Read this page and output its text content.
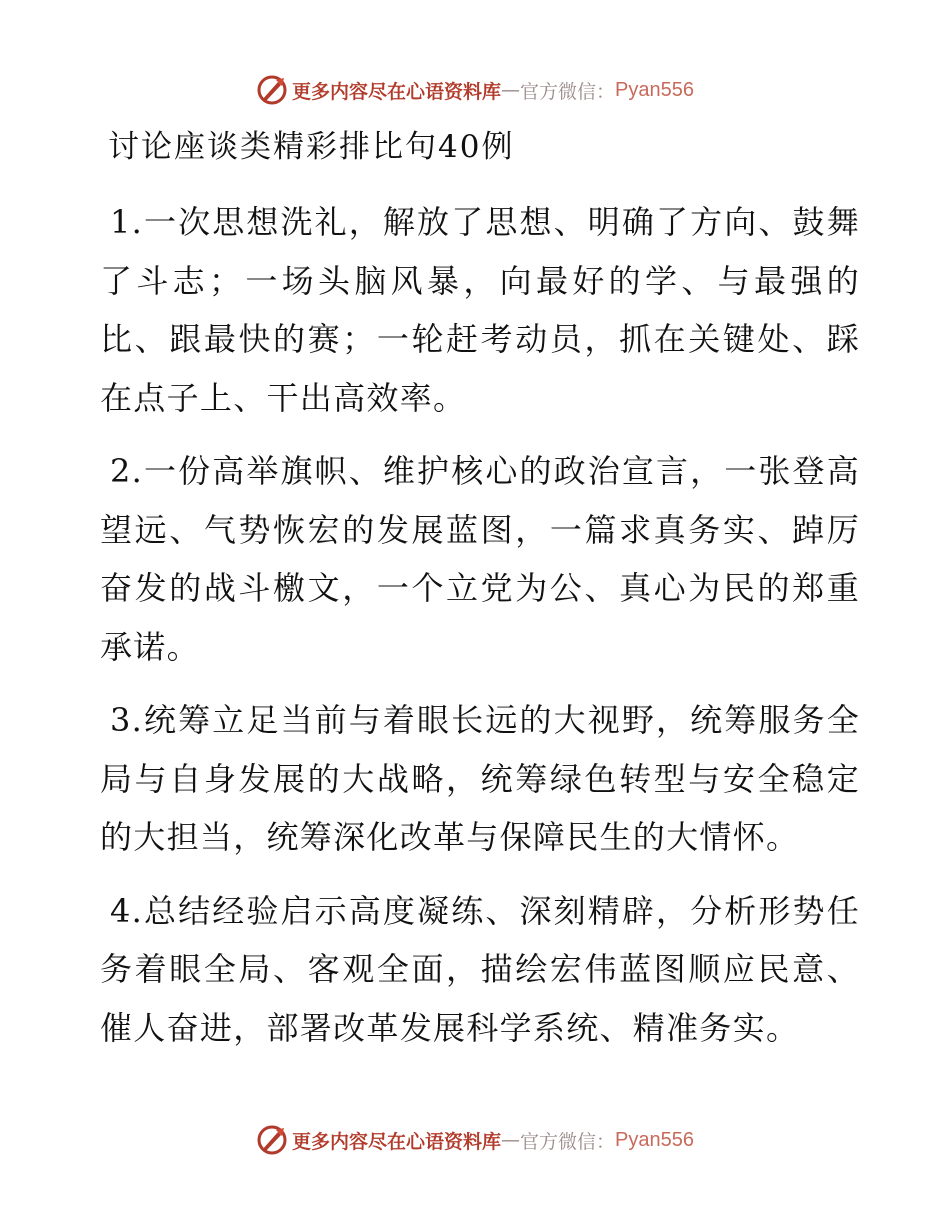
更多内容尽在心语资料库 — 官方微信： Pyan556
讨论座谈类精彩排比句40例

1.一次思想洗礼，解放了思想、明确了方向、鼓舞了斗志；一场头脑风暴，向最好的学、与最强的比、跟最快的赛；一轮赶考动员，抓在关键处、踩在点子上、干出高效率。

2.一份高举旗帜、维护核心的政治宣言，一张登高望远、气势恢宏的发展蓝图，一篇求真务实、踔厉奋发的战斗檄文，一个立党为公、真心为民的郑重承诺。

3.统筹立足当前与着眼长远的大视野，统筹服务全局与自身发展的大战略，统筹绿色转型与安全稳定的大担当，统筹深化改革与保障民生的大情怀。

4.总结经验启示高度凝练、深刻精辟，分析形势任务着眼全局、客观全面，描绘宏伟蓝图顺应民意、催人奋进，部署改革发展科学系统、精准务实。

更多内容尽在心语资料库 — 官方微信： Pyan556
